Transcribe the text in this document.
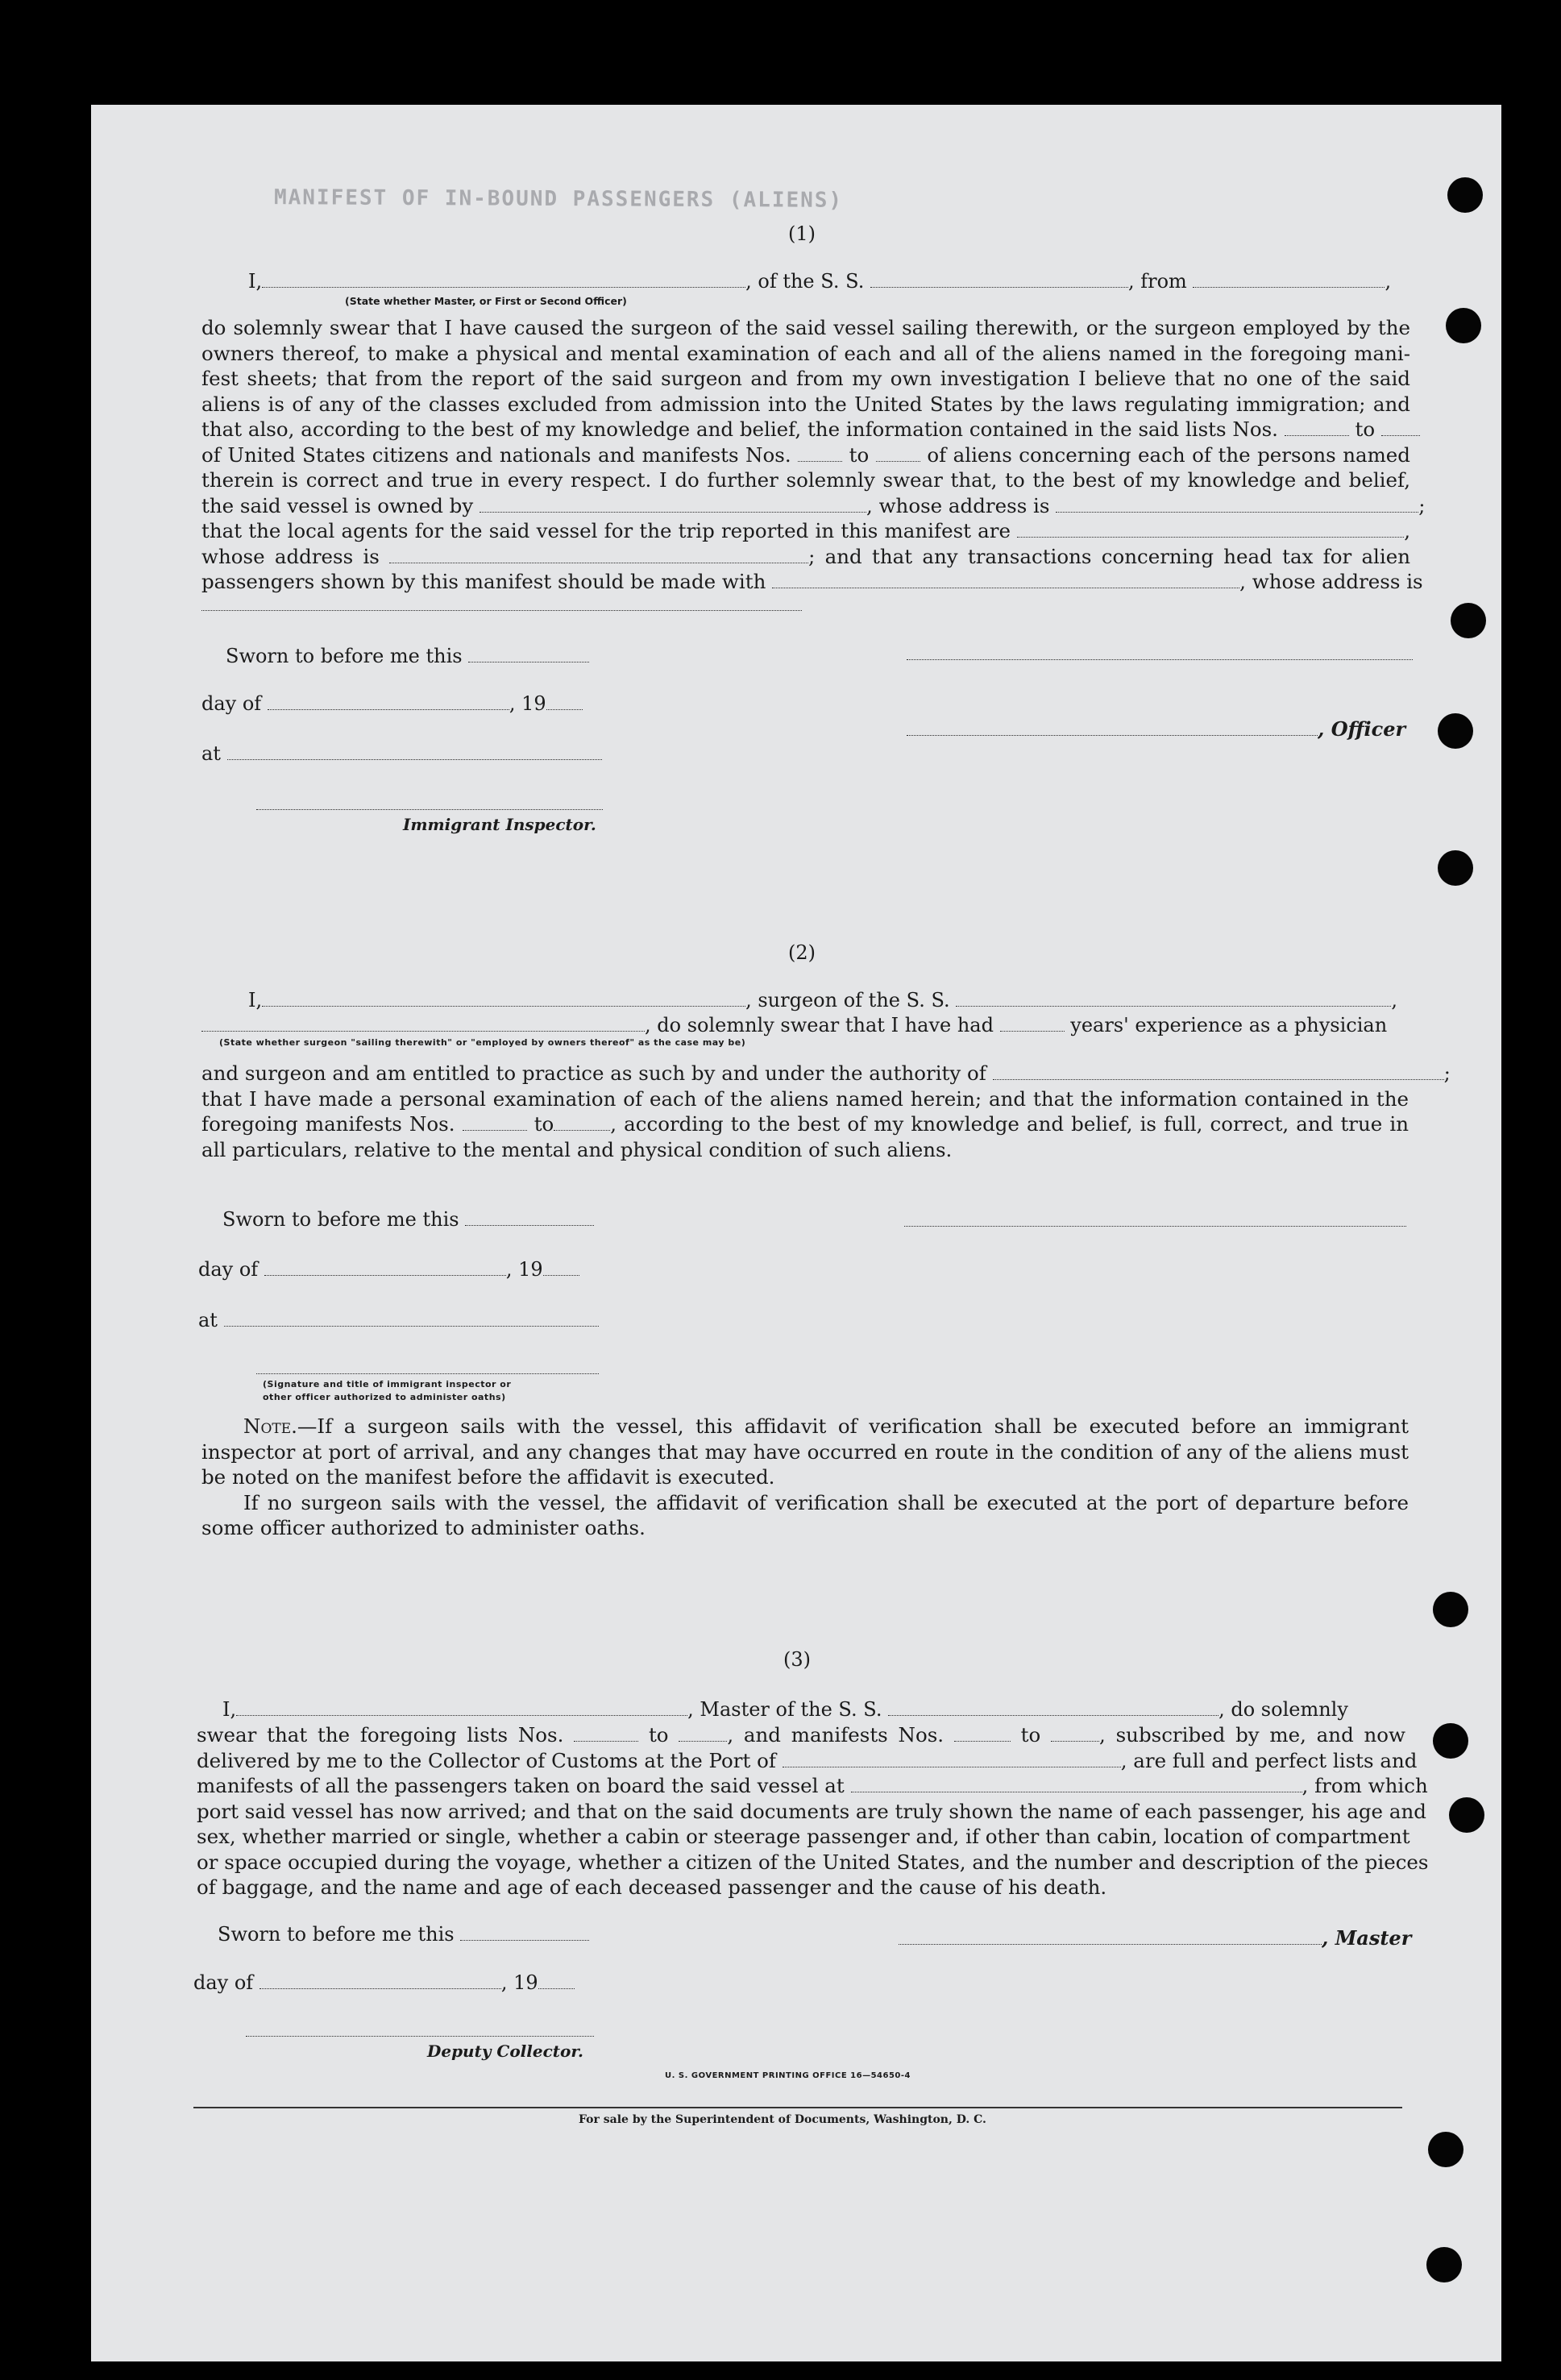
MANIFEST OF IN-BOUND PASSENGERS (ALIENS)
(1)
I,	, of the S. S.	, from	,
(State whether Master, or First or Second Officer)
do solemnly swear that I have caused the surgeon of the said vessel sailing therewith, or the surgeon employed by the
owners thereof, to make a physical and mental examination of each and all of the aliens named in the foregoing mani-
fest sheets; that from the report of the said surgeon and from my own investigation I believe that no one of the said
aliens is of any of the classes excluded from admission into the United States by the laws regulating immigration; and
that also, according to the best of my knowledge and belief, the information contained in the said lists Nos.	to
of United States citizens and nationals and manifests Nos.	to	of aliens concerning each of the persons named
therein is correct and true in every respect. I do further solemnly swear that, to the best of my knowledge and belief,
the said vessel is owned by	, whose address is
that the local agents for the said vessel for the trip reported in this manifest are	,
whose address is	; and that any transactions concerning head tax for alien
passengers shown by this manifest should be made with	, whose address is
Sworn to before me this
day of	, 19
, Officer
at
Immigrant Inspector.
(2)
I,	, surgeon of the S. S.	,
, do solemnly swear that I have had	years' experience as a physician
(State whether surgeon "sailing therewith" or "employed by owners thereof" as the case may be)
and surgeon and am entitled to practice as such by and under the authority of
that I have made a personal examination of each of the aliens named herein; and that the information contained in the
foregoing manifests Nos.	to	, according to the best of my knowledge and belief, is full, correct, and true in
all particulars, relative to the mental and physical condition of such aliens.
Sworn to before me this
day of	, 19
at
(Signature and title of immigrant inspector or
other officer authorized to administer oaths)
Note.—If a surgeon sails with the vessel, this affidavit of verification shall be executed before an immigrant
inspector at port of arrival, and any changes that may have occurred en route in the condition of any of the aliens must
be noted on the manifest before the affidavit is executed.
If no surgeon sails with the vessel, the affidavit of verification shall be executed at the port of departure before
some officer authorized to administer oaths.
(3)
I,	, Master of the S. S.	, do solemnly
swear that the foregoing lists Nos.	to	, and manifests Nos.	to	, subscribed by me, and now
delivered by me to the Collector of Customs at the Port of	, are full and perfect lists and
manifests of all the passengers taken on board the said vessel at	, from which
port said vessel has now arrived; and that on the said documents are truly shown the name of each passenger, his age and
sex, whether married or single, whether a cabin or steerage passenger and, if other than cabin, location of compartment
or space occupied during the voyage, whether a citizen of the United States, and the number and description of the pieces
of baggage, and the name and age of each deceased passenger and the cause of his death.
Sworn to before me this	, Master
day of	, 19
Deputy Collector.
U. S. GOVERNMENT PRINTING OFFICE 16—54650-4
For sale by the Superintendent of Documents, Washington, D. C.
